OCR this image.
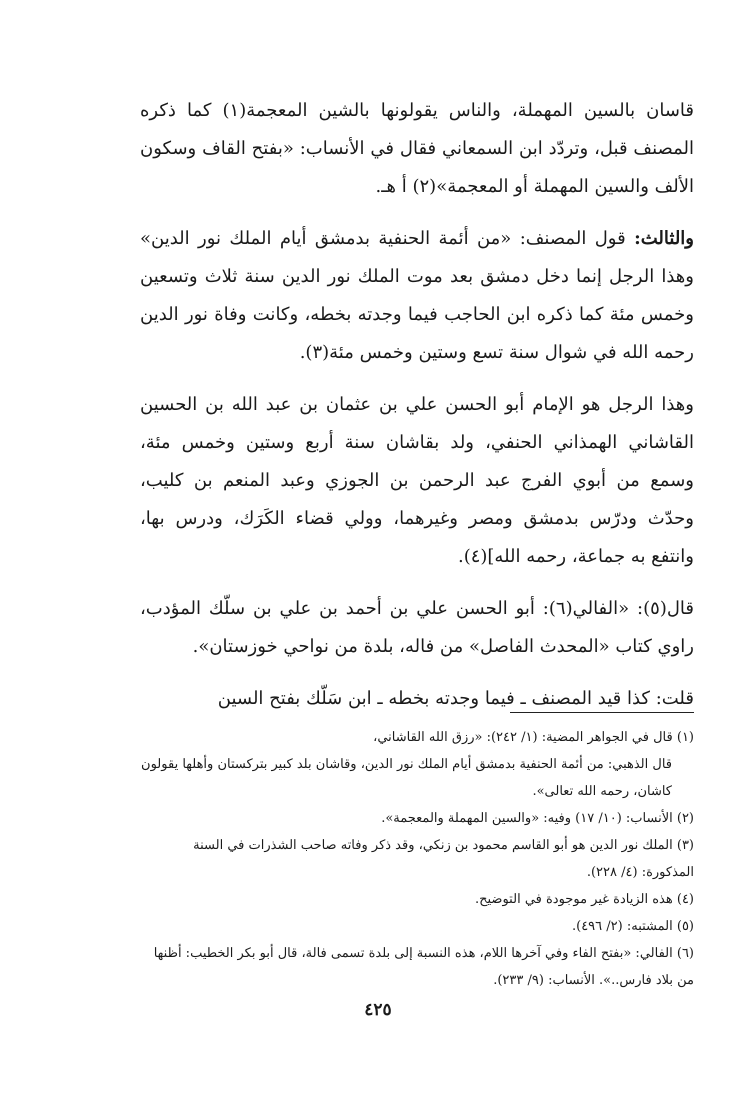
قاسان بالسين المهملة، والناس يقولونها بالشين المعجمة(١) كما ذكره المصنف قبل، وتردّد ابن السمعاني فقال في الأنساب: «بفتح القاف وسكون الألف والسين المهملة أو المعجمة»(٢) أ هـ.

والثالث: قول المصنف: «من أئمة الحنفية بدمشق أيام الملك نور الدين» وهذا الرجل إنما دخل دمشق بعد موت الملك نور الدين سنة ثلاث وتسعين وخمس مئة كما ذكره ابن الحاجب فيما وجدته بخطه، وكانت وفاة نور الدين رحمه الله في شوال سنة تسع وستين وخمس مئة(٣).

وهذا الرجل هو الإمام أبو الحسن علي بن عثمان بن عبد الله بن الحسين القاشاني الهمذاني الحنفي، ولد بقاشان سنة أربع وستين وخمس مئة، وسمع من أبوي الفرج عبد الرحمن بن الجوزي وعبد المنعم بن كليب، وحدّث ودرّس بدمشق ومصر وغيرهما، وولي قضاء الكَرَك، ودرس بها، وانتفع به جماعة، رحمه الله](٤).

قال(٥): «الفالي(٦): أبو الحسن علي بن أحمد بن علي بن سلّك المؤدب، راوي كتاب «المحدث الفاصل» من فاله، بلدة من نواحي خوزستان».

قلت: كذا قيد المصنف ـ فيما وجدته بخطه ـ ابن سَلّك بفتح السين

(١) قال في الجواهر المضية: (١/ ٢٤٢): «رزق الله القاشاني،

قال الذهبي: من أئمة الحنفية بدمشق أيام الملك نور الدين، وقاشان بلد كبير بتركستان وأهلها يقولون كاشان، رحمه الله تعالى».

(٢) الأنساب: (١٠/ ١٧) وفيه: «والسين المهملة والمعجمة».

(٣) الملك نور الدين هو أبو القاسم محمود بن زنكي، وقد ذكر وفاته صاحب الشذرات في السنة المذكورة: (٤/ ٢٢٨).

(٤) هذه الزيادة غير موجودة في التوضيح.

(٥) المشتبه: (٢/ ٤٩٦).

(٦) الفالي: «بفتح الفاء وفي آخرها اللام، هذه النسبة إلى بلدة تسمى فالة، قال أبو بكر الخطيب: أظنها من بلاد فارس..». الأنساب: (٩/ ٢٣٣).

٤٢٥
